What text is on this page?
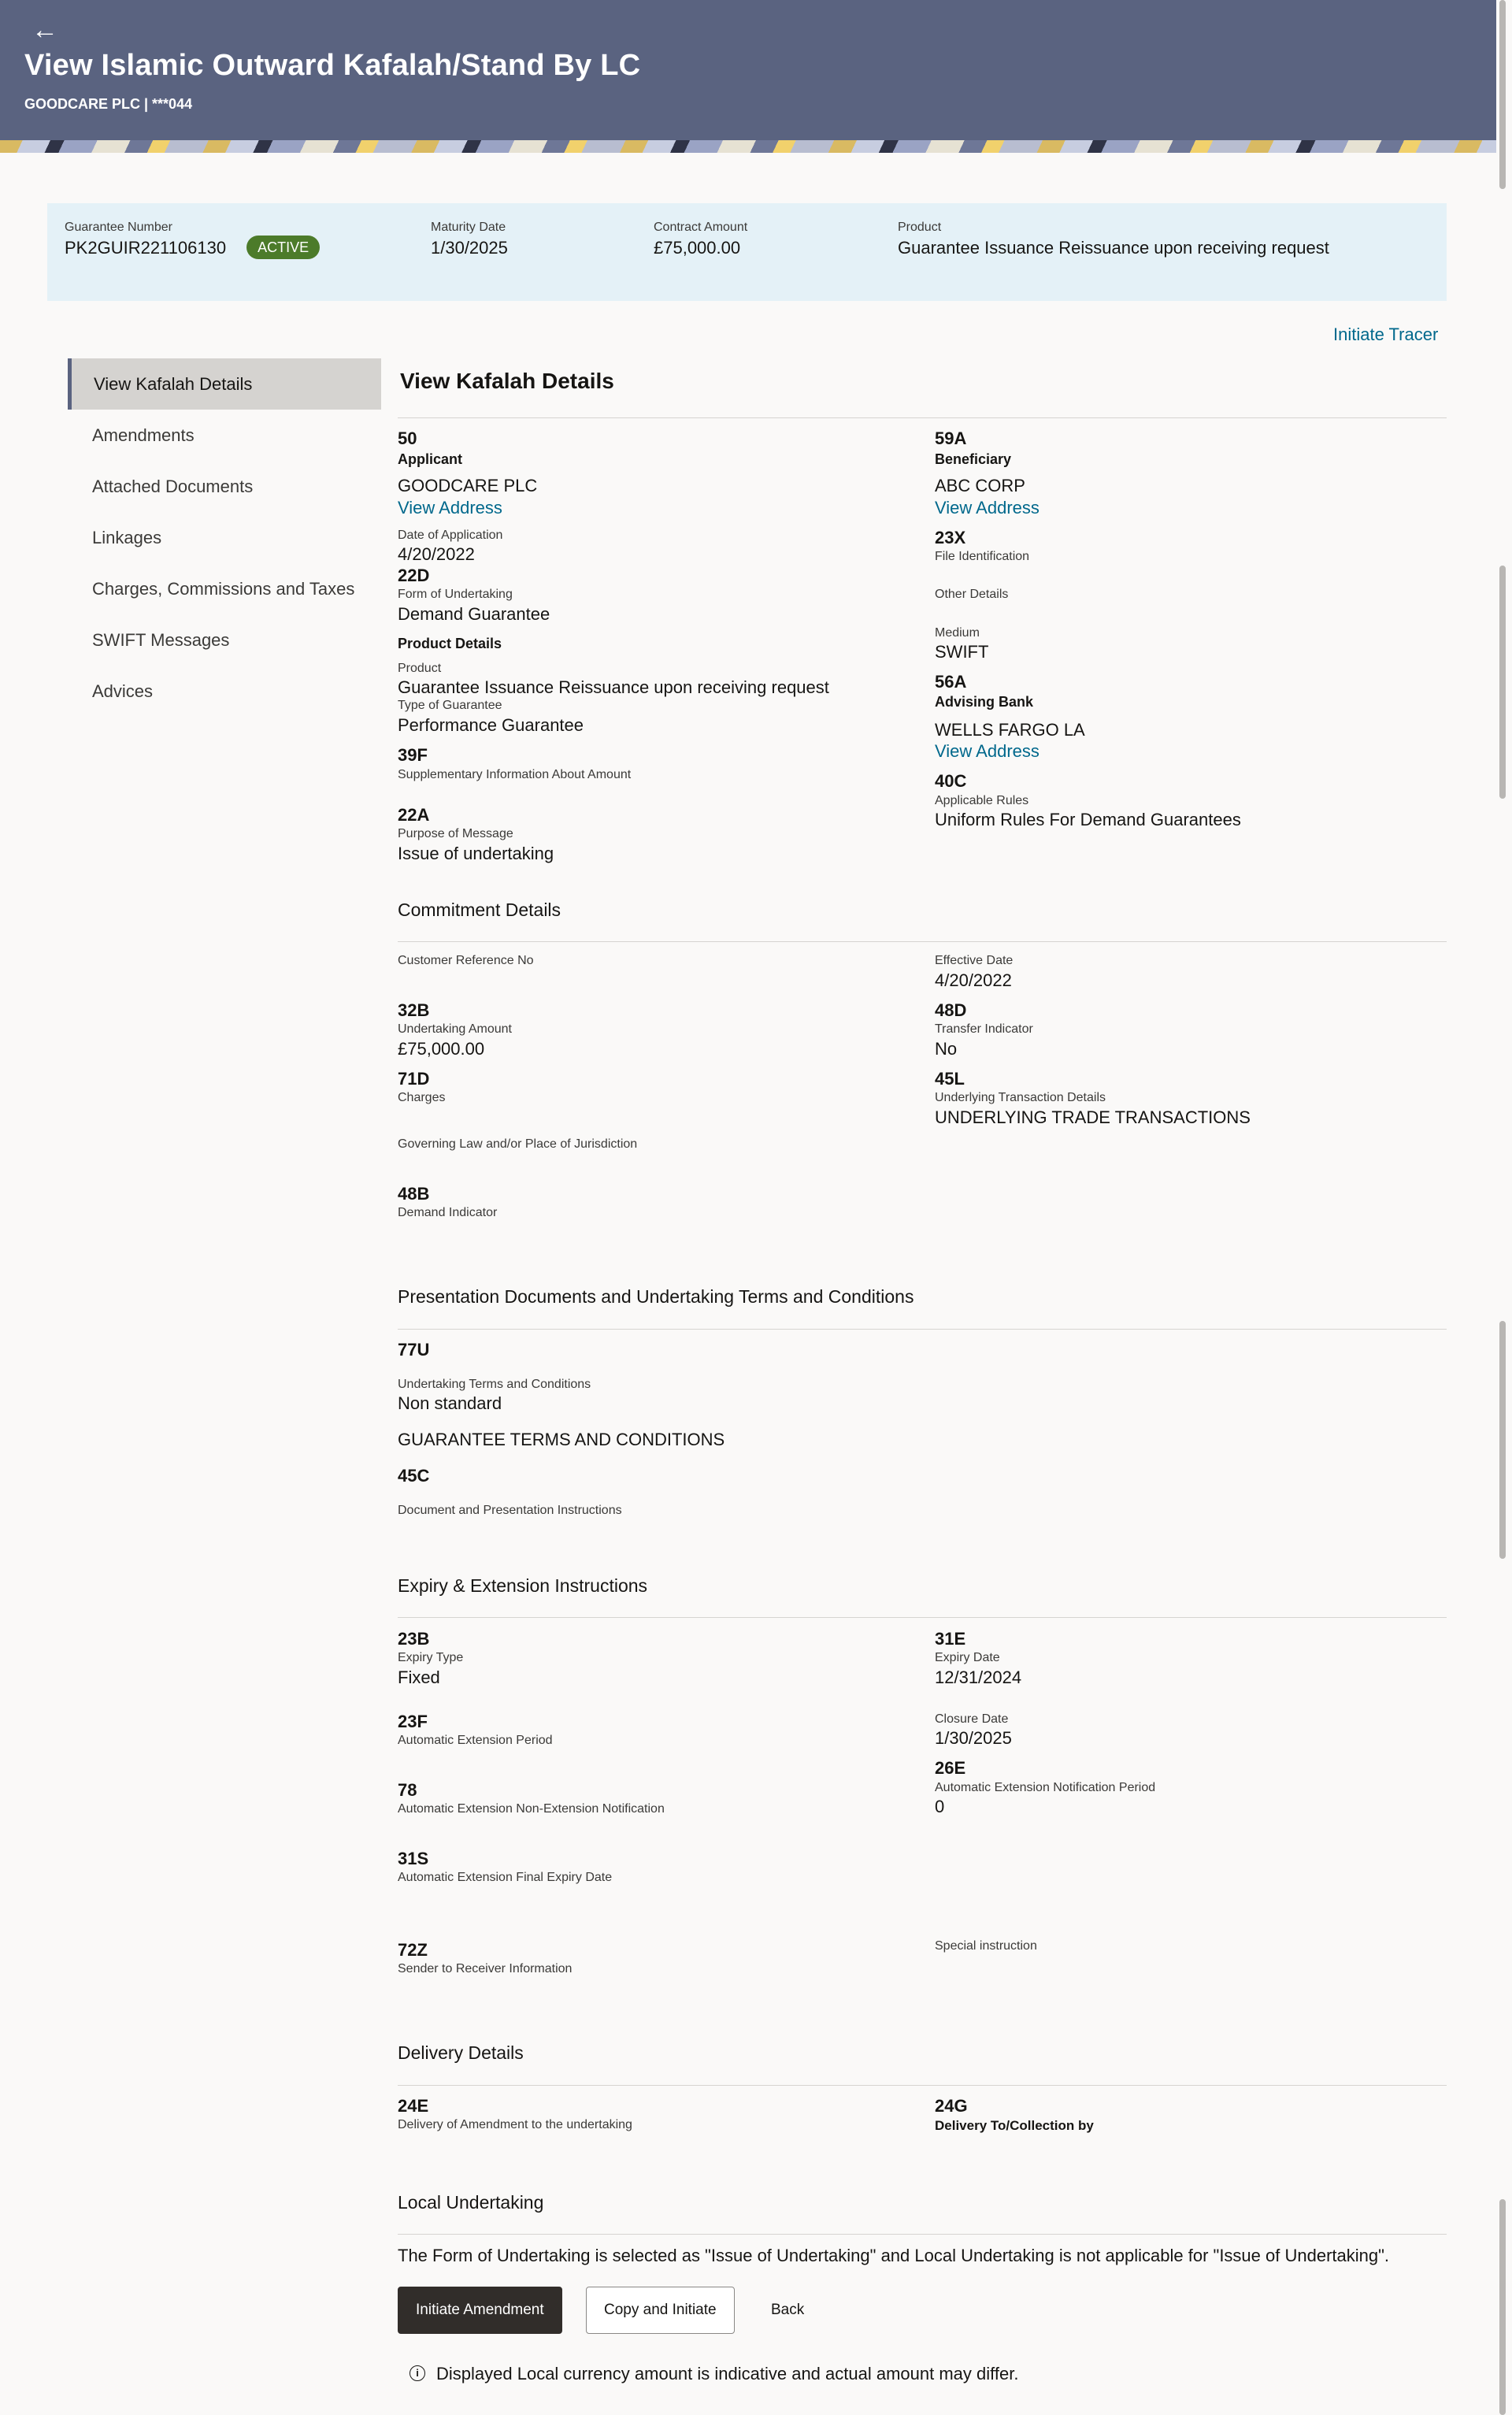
←
View Islamic Outward Kafalah/Stand By LC
GOODCARE PLC | ***044
Guarantee Number
PK2GUIR221106130 ACTIVE
Maturity Date
1/30/2025
Contract Amount
£75,000.00
Product
Guarantee Issuance Reissuance upon receiving request
Initiate Tracer
View Kafalah Details
Amendments
Attached Documents
Linkages
Charges, Commissions and Taxes
SWIFT Messages
Advices
View Kafalah Details
50
Applicant
GOODCARE PLC
View Address
Date of Application
4/20/2022
22D
Form of Undertaking
Demand Guarantee
Product Details
Product
Guarantee Issuance Reissuance upon receiving request
Type of Guarantee
Performance Guarantee
39F
Supplementary Information About Amount
22A
Purpose of Message
Issue of undertaking
59A
Beneficiary
ABC CORP
View Address
23X
File Identification
Other Details
Medium
SWIFT
56A
Advising Bank
WELLS FARGO LA
View Address
40C
Applicable Rules
Uniform Rules For Demand Guarantees
Commitment Details
Customer Reference No
32B
Undertaking Amount
£75,000.00
71D
Charges
Governing Law and/or Place of Jurisdiction
48B
Demand Indicator
Effective Date
4/20/2022
48D
Transfer Indicator
No
45L
Underlying Transaction Details
UNDERLYING TRADE TRANSACTIONS
Presentation Documents and Undertaking Terms and Conditions
77U
Undertaking Terms and Conditions
Non standard
GUARANTEE TERMS AND CONDITIONS
45C
Document and Presentation Instructions
Expiry & Extension Instructions
23B
Expiry Type
Fixed
23F
Automatic Extension Period
78
Automatic Extension Non-Extension Notification
31S
Automatic Extension Final Expiry Date
72Z
Sender to Receiver Information
31E
Expiry Date
12/31/2024
Closure Date
1/30/2025
26E
Automatic Extension Notification Period
0
Special instruction
Delivery Details
24E
Delivery of Amendment to the undertaking
24G
Delivery To/Collection by
Local Undertaking
The Form of Undertaking is selected as "Issue of Undertaking" and Local Undertaking is not applicable for "Issue of Undertaking".
Initiate Amendment	Copy and Initiate	Back
i Displayed Local currency amount is indicative and actual amount may differ.
